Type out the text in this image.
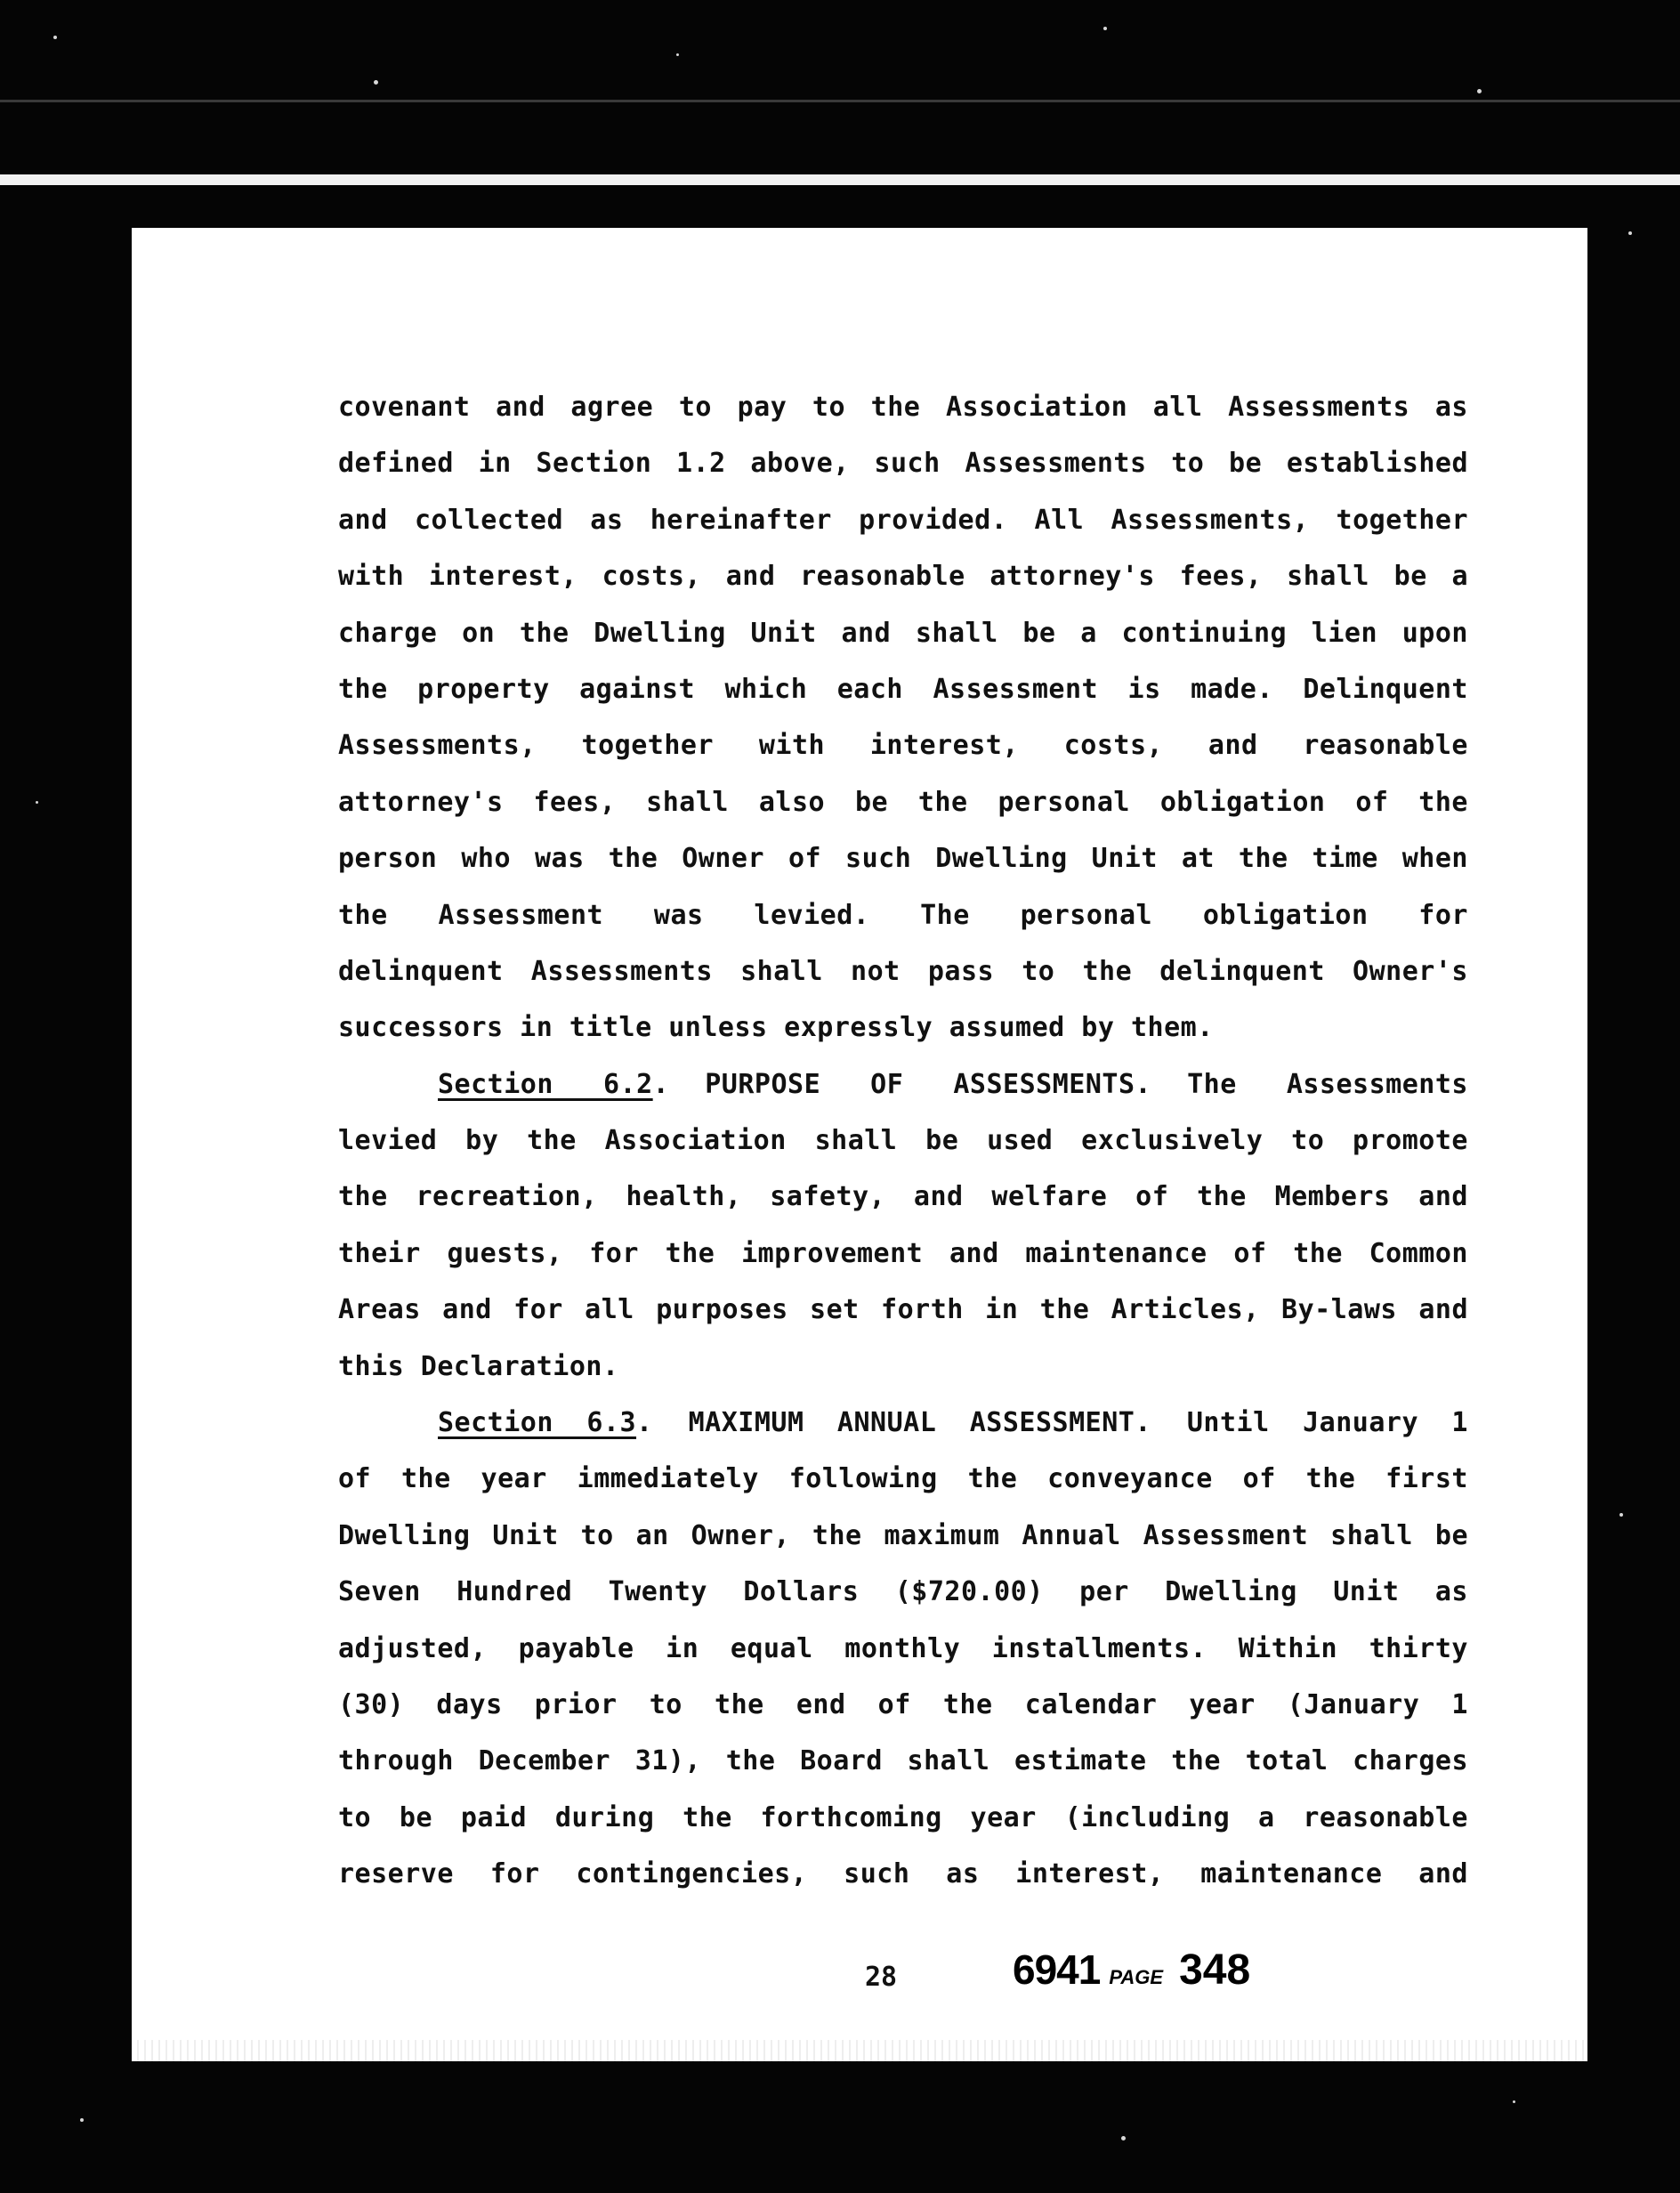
covenant and agree to pay to the Association all Assessments as
defined in Section 1.2 above, such Assessments to be established
and collected as hereinafter provided. All Assessments, together
with interest, costs, and reasonable attorney's fees, shall be a
charge on the Dwelling Unit and shall be a continuing lien upon
the property against which each Assessment is made. Delinquent
Assessments, together with interest, costs, and reasonable
attorney's fees, shall also be the personal obligation of the
person who was the Owner of such Dwelling Unit at the time when
the Assessment was levied. The personal obligation for
delinquent Assessments shall not pass to the delinquent Owner's
successors in title unless expressly assumed by them.
Section 6.2. PURPOSE OF ASSESSMENTS. The Assessments
levied by the Association shall be used exclusively to promote
the recreation, health, safety, and welfare of the Members and
their guests, for the improvement and maintenance of the Common
Areas and for all purposes set forth in the Articles, By-laws and
this Declaration.
Section 6.3. MAXIMUM ANNUAL ASSESSMENT. Until January 1
of the year immediately following the conveyance of the first
Dwelling Unit to an Owner, the maximum Annual Assessment shall be
Seven Hundred Twenty Dollars ($720.00) per Dwelling Unit as
adjusted, payable in equal monthly installments. Within thirty
(30) days prior to the end of the calendar year (January 1
through December 31), the Board shall estimate the total charges
to be paid during the forthcoming year (including a reasonable
reserve for contingencies, such as interest, maintenance and
28	6941 PAGE 348
